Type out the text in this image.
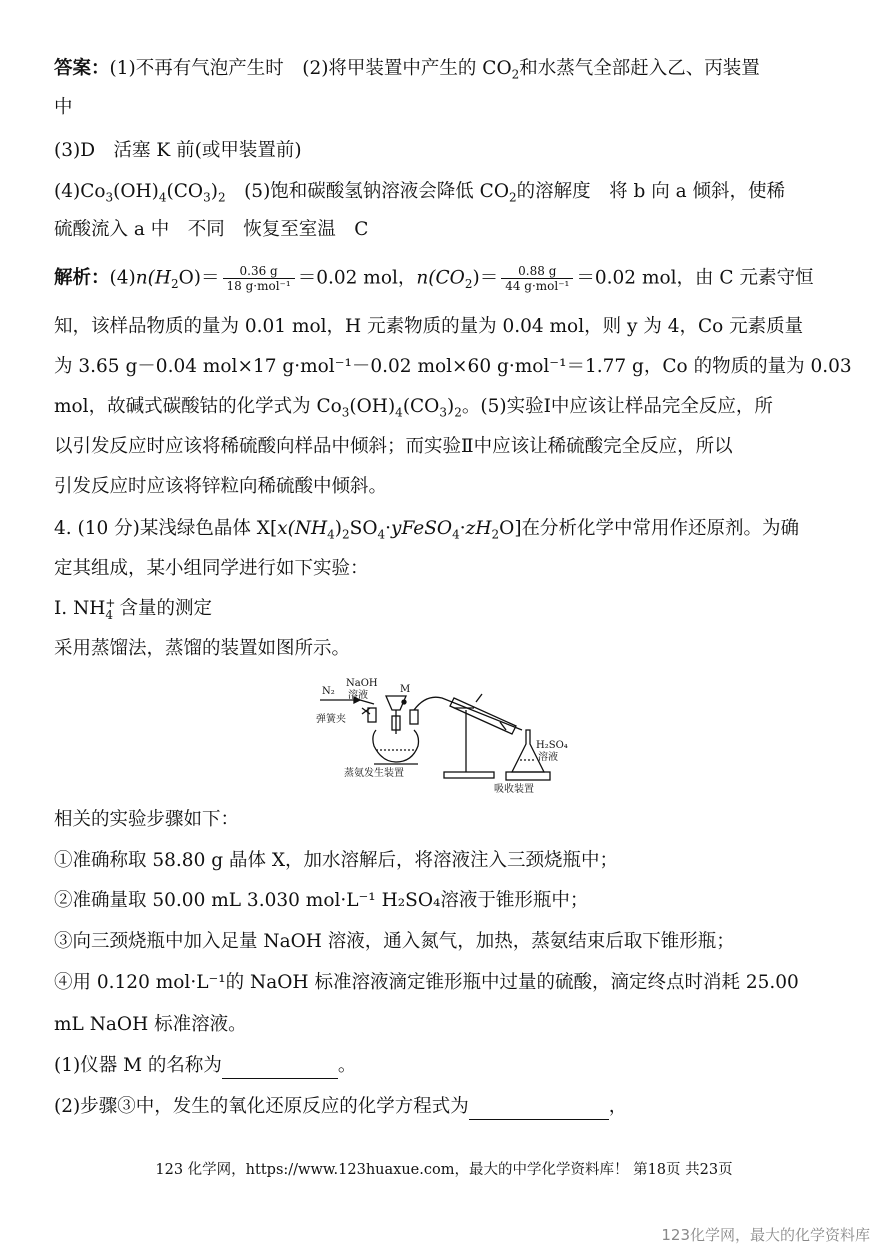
答案：(1)不再有气泡产生时　(2)将甲装置中产生的 $CO_2$和水蒸气全部赶入乙、丙装置
中
(3)D　活塞 K 前(或甲装置前)
$(4)Co_3(OH)_4(CO_3)_2$　(5)饱和碳酸氢钠溶液会降低 $CO_2$的溶解度　将 b 向 a 倾斜，使稀
硫酸流入 a 中　不同　恢复至室温　C
解析：$(4)n(H_2O)= \frac{0.36 g}{\text{18 g·mol⁻¹}} =0.02$ mol，$n(CO_2)= \frac{0.88 g}{\text{44 g·mol⁻¹}} =0.02$ mol，由 C 元素守恒
知，该样品物质的量为 0.01 mol，H 元素物质的量为 0.04 mol，则 y 为 4，Co 元素质量
为 3.65 g－0.04 mol×17 g·mol⁻¹－0.02 mol×60 g·mol⁻¹＝1.77 g，Co 的物质的量为 0.03
mol，故碱式碳酸钴的化学式为 $Co_3(OH)_4(CO_3)_2$。(5)实验Ⅰ中应该让样品完全反应，所
以引发反应时应该将稀硫酸向样品中倾斜；而实验Ⅱ中应该让稀硫酸完全反应，所以
引发反应时应该将锌粒向稀硫酸中倾斜。
4. (10 分)某浅绿色晶体 $X[x(NH_4)_2SO_4\cdot yFeSO_4\cdot zH_2O]$在分析化学中常用作还原剂。为确
定其组成，某小组同学进行如下实验：
I. NH +
4 含量的测定
采用蒸馏法，蒸馏的装置如图所示。
N₂
NaOH
溶液
M
弹簧夹
H₂SO₄
溶液
蒸氨发生装置
吸收装置
相关的实验步骤如下：
①准确称取 58.80 g 晶体 X，加水溶解后，将溶液注入三颈烧瓶中；
②准确量取 50.00 mL 3.030 mol·L⁻¹ H₂SO₄溶液于锥形瓶中；
③向三颈烧瓶中加入足量 NaOH 溶液，通入氮气，加热，蒸氨结束后取下锥形瓶；
④用 0.120 mol·L⁻¹的 NaOH 标准溶液滴定锥形瓶中过量的硫酸，滴定终点时消耗 25.00
mL NaOH 标准溶液。
(1)仪器 M 的名称为	。
(2)步骤③中，发生的氧化还原反应的化学方程式为	，
123 化学网，https://www.123huaxue.com，最大的中学化学资料库！ 第18页 共23页
123化学网，最大的化学资料库
